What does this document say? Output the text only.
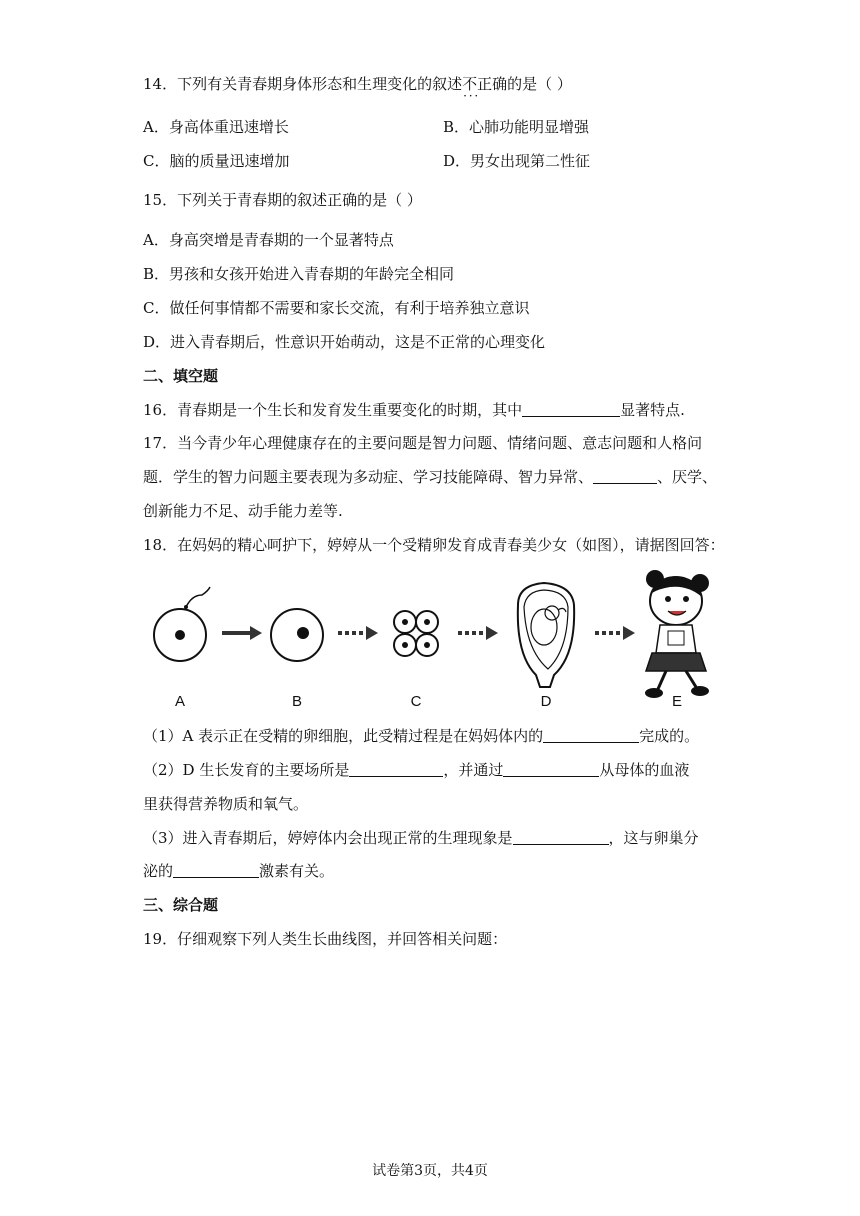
14．下列有关青春期身体形态和生理变化的叙述不正确 · · ·的是（ ）
A．身高体重迅速增长	B．心肺功能明显增强
C．脑的质量迅速增加	D．男女出现第二性征
15．下列关于青春期的叙述正确的是（ ）
A．身高突增是青春期的一个显著特点
B．男孩和女孩开始进入青春期的年龄完全相同
C．做任何事情都不需要和家长交流，有利于培养独立意识
D．进入青春期后，性意识开始萌动，这是不正常的心理变化
二、填空题
16．青春期是一个生长和发育发生重要变化的时期，其中	显著特点.
17．当今青少年心理健康存在的主要问题是智力问题、情绪问题、意志问题和人格问
题．学生的智力问题主要表现为多动症、学习技能障碍、智力异常、	、厌学、
创新能力不足、动手能力差等.
18．在妈妈的精心呵护下，婷婷从一个受精卵发育成青春美少女（如图），请据图回答：
A	B	C	D	E
（1）A 表示正在受精的卵细胞，此受精过程是在妈妈体内的	完成的。
（2）D 生长发育的主要场所是	，并通过	从母体的血液
里获得营养物质和氧气。
（3）进入青春期后，婷婷体内会出现正常的生理现象是	，这与卵巢分
泌的	激素有关。
三、综合题
19．仔细观察下列人类生长曲线图，并回答相关问题：
试卷第3页，共4页
